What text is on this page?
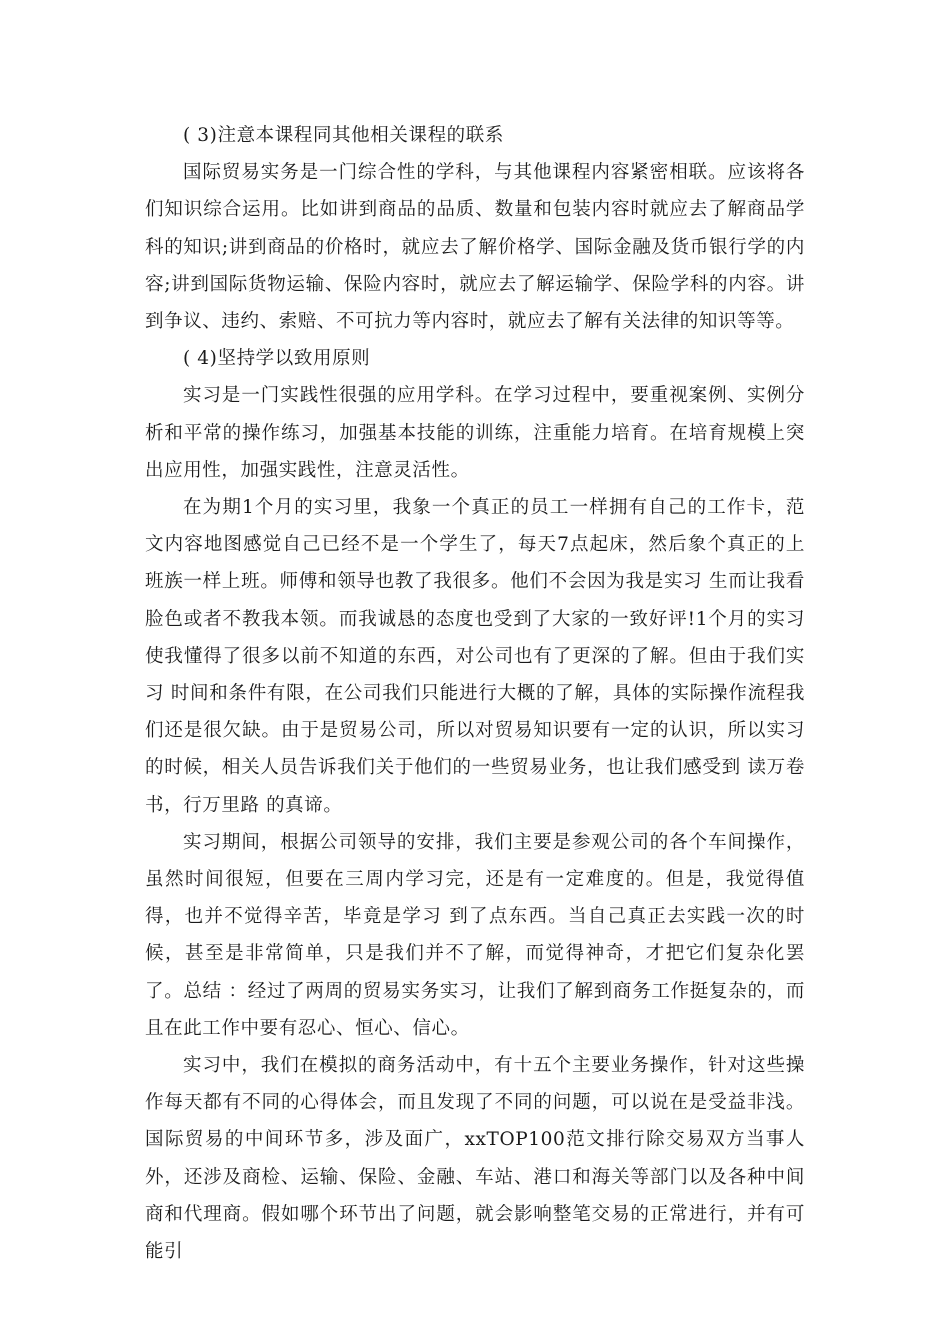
( 3)注意本课程同其他相关课程的联系

国际贸易实务是一门综合性的学科，与其他课程内容紧密相联。应该将各们知识综合运用。比如讲到商品的品质、数量和包装内容时就应去了解商品学科的知识;讲到商品的价格时，就应去了解价格学、国际金融及货币银行学的内容;讲到国际货物运输、保险内容时，就应去了解运输学、保险学科的内容。讲到争议、违约、索赔、不可抗力等内容时，就应去了解有关法律的知识等等。

( 4)坚持学以致用原则

实习是一门实践性很强的应用学科。在学习过程中，要重视案例、实例分析和平常的操作练习，加强基本技能的训练，注重能力培育。在培育规模上突出应用性，加强实践性，注意灵活性。

在为期1个月的实习里，我象一个真正的员工一样拥有自己的工作卡，范文内容地图感觉自己已经不是一个学生了，每天7点起床，然后象个真正的上班族一样上班。师傅和领导也教了我很多。他们不会因为我是实习 生而让我看脸色或者不教我本领。而我诚恳的态度也受到了大家的一致好评!1个月的实习使我懂得了很多以前不知道的东西，对公司也有了更深的了解。但由于我们实习 时间和条件有限，在公司我们只能进行大概的了解，具体的实际操作流程我们还是很欠缺。由于是贸易公司，所以对贸易知识要有一定的认识，所以实习的时候，相关人员告诉我们关于他们的一些贸易业务，也让我们感受到 读万卷书，行万里路 的真谛。

实习期间，根据公司领导的安排，我们主要是参观公司的各个车间操作，虽然时间很短，但要在三周内学习完，还是有一定难度的。但是，我觉得值得，也并不觉得辛苦，毕竟是学习 到了点东西。当自己真正去实践一次的时候，甚至是非常简单，只是我们并不了解，而觉得神奇，才把它们复杂化罢了。总结 ：经过了两周的贸易实务实习，让我们了解到商务工作挺复杂的，而且在此工作中要有忍心、恒心、信心。

实习中，我们在模拟的商务活动中，有十五个主要业务操作，针对这些操作每天都有不同的心得体会，而且发现了不同的问题，可以说在是受益非浅。国际贸易的中间环节多，涉及面广，xxTOP100范文排行除交易双方当事人外，还涉及商检、运输、保险、金融、车站、港口和海关等部门以及各种中间商和代理商。假如哪个环节出了问题，就会影响整笔交易的正常进行，并有可能引
